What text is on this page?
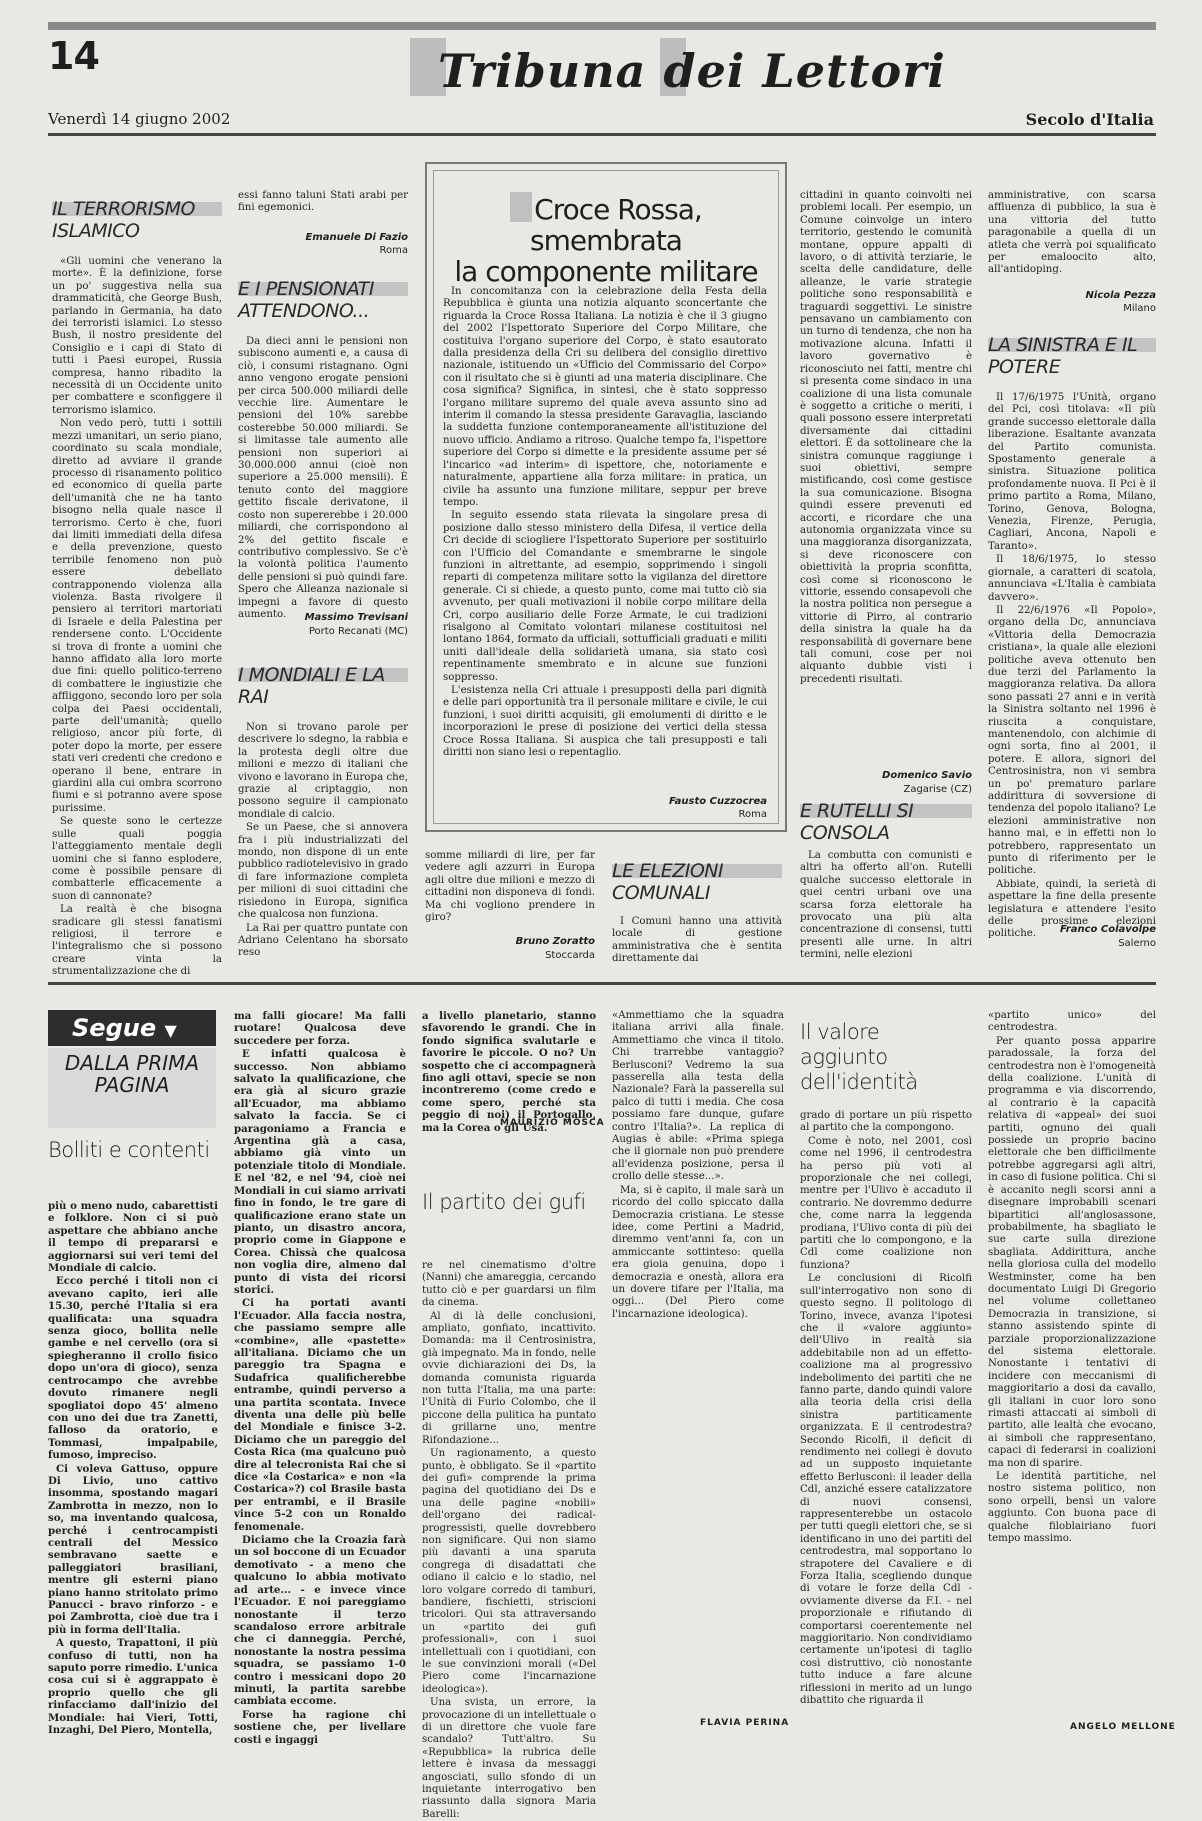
14	Tribuna dei Lettori
Venerdì 14 giugno 2002	Secolo d'Italia
IL TERRORISMO ISLAMICO

«Gli uomini che venerano la morte». È la definizione, forse un po' suggestiva nella sua drammaticità, che George Bush, parlando in Germania, ha dato dei terroristi islamici. Lo stesso Bush, il nostro presidente del Consiglio e i capi di Stato di tutti i Paesi europei, Russia compresa, hanno ribadito la necessità di un Occidente unito per combattere e sconfiggere il terrorismo islamico.

Non vedo però, tutti i sottili mezzi umanitari, un serio piano, coordinato su scala mondiale, diretto ad avviare il grande processo di risanamento politico ed economico di quella parte dell'umanità che ne ha tanto bisogno nella quale nasce il terrorismo. Certo è che, fuori dai limiti immediati della difesa e della prevenzione, questo terribile fenomeno non può essere debellato contrapponendo violenza alla violenza. Basta rivolgere il pensiero ai territori martoriati di Israele e della Palestina per rendersene conto. L'Occidente si trova di fronte a uomini che hanno affidato alla loro morte due fini: quello politico-terreno di combattere le ingiustizie che affliggono, secondo loro per sola colpa dei Paesi occidentali, parte dell'umanità; quello religioso, ancor più forte, di poter dopo la morte, per essere stati veri credenti che credono e operano il bene, entrare in giardini alla cui ombra scorrono fiumi e si potranno avere spose purissime.

Se queste sono le certezze sulle quali poggia l'atteggiamento mentale degli uomini che si fanno esplodere, come è possibile pensare di combatterle efficacemente a suon di cannonate?

La realtà è che bisogna sradicare gli stessi fanatismi religiosi, il terrore e l'integralismo che si possono creare vinta la strumentalizzazione che di

essi fanno taluni Stati arabi per fini egemonici.

Emanuele Di Fazio
Roma
E I PENSIONATI ATTENDONO...

Da dieci anni le pensioni non subiscono aumenti e, a causa di ciò, i consumi ristagnano. Ogni anno vengono erogate pensioni per circa 500.000 miliardi delle vecchie lire. Aumentare le pensioni del 10% sarebbe costerebbe 50.000 miliardi. Se si limitasse tale aumento alle pensioni non superiori ai 30.000.000 annui (cioè non superiore a 25.000 mensili). È tenuto conto del maggiore gettito fiscale derivatone, il costo non supererebbe i 20.000 miliardi, che corrispondono al 2% del gettito fiscale e contributivo complessivo. Se c'è la volontà politica l'aumento delle pensioni si può quindi fare. Spero che Alleanza nazionale si impegni a favore di questo aumento.	Massimo Trevisani
Porto Recanati (MC)
I MONDIALI E LA RAI

Non si trovano parole per descrivere lo sdegno, la rabbia e la protesta degli oltre due milioni e mezzo di italiani che vivono e lavorano in Europa che, grazie al criptaggio, non possono seguire il campionato mondiale di calcio.

Se un Paese, che si annovera fra i più industrializzati del mondo, non dispone di un ente pubblico radiotelevisivo in grado di fare informazione completa per milioni di suoi cittadini che risiedono in Europa, significa che qualcosa non funziona.

La Rai per quattro puntate con Adriano Celentano ha sborsato reso

Croce Rossa, smembrata
la componente militare

In concomitanza con la celebrazione della Festa della Repubblica è giunta una notizia alquanto sconcertante che riguarda la Croce Rossa Italiana. La notizia è che il 3 giugno del 2002 l'Ispettorato Superiore del Corpo Militare, che costituiva l'organo superiore del Corpo, è stato esautorato dalla presidenza della Cri su delibera del consiglio direttivo nazionale, istituendo un «Ufficio del Commissario del Corpo» con il risultato che si è giunti ad una materia disciplinare. Che cosa significa? Significa, in sintesi, che è stato soppresso l'organo militare supremo del quale aveva assunto sino ad interim il comando la stessa presidente Garavaglia, lasciando la suddetta funzione contemporaneamente all'istituzione del nuovo ufficio. Andiamo a ritroso. Qualche tempo fa, l'ispettore superiore del Corpo si dimette e la presidente assume per sé l'incarico «ad interim» di ispettore, che, notoriamente e naturalmente, appartiene alla forza militare: in pratica, un civile ha assunto una funzione militare, seppur per breve tempo.

In seguito essendo stata rilevata la singolare presa di posizione dallo stesso ministero della Difesa, il vertice della Cri decide di sciogliere l'Ispettorato Superiore per sostituirlo con l'Ufficio del Comandante e smembrarne le singole funzioni in altrettante, ad esempio, sopprimendo i singoli reparti di competenza militare sotto la vigilanza del direttore generale. Ci si chiede, a questo punto, come mai tutto ciò sia avvenuto, per quali motivazioni il nobile corpo militare della Cri, corpo ausiliario delle Forze Armate, le cui tradizioni risalgono al Comitato volontari milanese costituitosi nel lontano 1864, formato da ufficiali, sottufficiali graduati e militi uniti dall'ideale della solidarietà umana, sia stato così repentinamente smembrato e in alcune sue funzioni soppresso.

L'esistenza nella Cri attuale i presupposti della pari dignità e delle pari opportunità tra il personale militare e civile, le cui funzioni, i suoi diritti acquisiti, gli emolumenti di diritto e le incorporazioni le prese di posizione dei vertici della stessa Croce Rossa Italiana. Si auspica che tali presupposti e tali diritti non siano lesi o repentaglio.

Fausto Cuzzocrea
Roma

somme miliardi di lire, per far vedere agli azzurri in Europa agli oltre due milioni e mezzo di cittadini non disponeva di fondi. Ma chi vogliono prendere in giro?

Bruno Zoratto
Stoccarda
LE ELEZIONI COMUNALI

I Comuni hanno una attività locale di gestione amministrativa che è sentita direttamente dai

cittadini in quanto coinvolti nei problemi locali. Per esempio, un Comune coinvolge un intero territorio, gestendo le comunità montane, oppure appalti di lavoro, o di attività terziarie, le scelta delle candidature, delle alleanze, le varie strategie politiche sono responsabilità e traguardi soggettivi. Le sinistre pensavano un cambiamento con un turno di tendenza, che non ha motivazione alcuna. Infatti il lavoro governativo è riconosciuto nei fatti, mentre chi si presenta come sindaco in una coalizione di una lista comunale è soggetto a critiche o meriti, i quali possono essere interpretati diversamente dai cittadini elettori. È da sottolineare che la sinistra comunque raggiunge i suoi obiettivi, sempre mistificando, così come gestisce la sua comunicazione. Bisogna quindi essere prevenuti ed accorti, e ricordare che una autonomia organizzata vince su una maggioranza disorganizzata, si deve riconoscere con obiettività la propria sconfitta, così come si riconoscono le vittorie, essendo consapevoli che la nostra politica non persegue a vittorie di Pirro, al contrario della sinistra la quale ha da responsabilità di governare bene tali comuni, cose per noi alquanto dubbie visti i precedenti risultati.

Domenico Savio
Zagarise (CZ)
E RUTELLI SI CONSOLA

La combutta con comunisti e altri ha offerto all'on. Rutelli qualche successo elettorale in quei centri urbani ove una scarsa forza elettorale ha provocato una più alta concentrazione di consensi, tutti presenti alle urne. In altri termini, nelle elezioni

amministrative, con scarsa affluenza di pubblico, la sua è una vittoria del tutto paragonabile a quella di un atleta che verrà poi squalificato per emaloocito alto, all'antidoping.

Nicola Pezza
Milano
LA SINISTRA E IL POTERE

Il 17/6/1975 l'Unità, organo del Pci, così titolava: «Il più grande successo elettorale dalla liberazione. Esaltante avanzata del Partito comunista. Spostamento generale a sinistra. Situazione politica profondamente nuova. Il Pci è il primo partito a Roma, Milano, Torino, Genova, Bologna, Venezia, Firenze, Perugia, Cagliari, Ancona, Napoli e Taranto».

Il 18/6/1975, lo stesso giornale, a caratteri di scatola, annunciava «L'Italia è cambiata davvero».

Il 22/6/1976 «Il Popolo», organo della Dc, annunciava «Vittoria della Democrazia cristiana», la quale alle elezioni politiche aveva ottenuto ben due terzi del Parlamento la maggioranza relativa. Da allora sono passati 27 anni e in verità la Sinistra soltanto nel 1996 è riuscita a conquistare, mantenendolo, con alchimie di ogni sorta, fino al 2001, il potere. E allora, signori del Centrosinistra, non vi sembra un po' prematuro parlare addirittura di sovversione di tendenza del popolo italiano? Le elezioni amministrative non hanno mai, e in effetti non lo potrebbero, rappresentato un punto di riferimento per le politiche.

Abbiate, quindi, la serietà di aspettare la fine della presente legislatura e attendere l'esito delle prossime elezioni politiche.	Franco Colavolpe
Salerno
Segue ▼
DALLA PRIMA PAGINA
Bolliti e contenti

più o meno nudo, cabarettisti e folklore. Non ci si può aspettare che abbiano anche il tempo di prepararsi e aggiornarsi sui veri temi del Mondiale di calcio.

Ecco perché i titoli non ci avevano capito, ieri alle 15.30, perché l'Italia si era qualificata: una squadra senza gioco, bollita nelle gambe e nel cervello (ora si spiegheranno il crollo fisico dopo un'ora di gioco), senza centrocampo che avrebbe dovuto rimanere negli spogliatoi dopo 45' almeno con uno dei due tra Zanetti, falloso da oratorio, e Tommasi, impalpabile, fumoso, impreciso.

Ci voleva Gattuso, oppure Di Livio, uno cattivo insomma, spostando magari Zambrotta in mezzo, non lo so, ma inventando qualcosa, perché i centrocampisti centrali del Messico sembravano saette e palleggiatori brasiliani, mentre gli esterni piano piano hanno stritolato primo Panucci - bravo rinforzo - e poi Zambrotta, cioè due tra i più in forma dell'Italia.

A questo, Trapattoni, il più confuso di tutti, non ha saputo porre rimedio. L'unica cosa cui si è aggrappato è proprio quello che gli rinfacciamo dall'inizio del Mondiale: hai Vieri, Totti, Inzaghi, Del Piero, Montella,

ma falli giocare! Ma falli ruotare! Qualcosa deve succedere per forza.

E infatti qualcosa è successo. Non abbiamo salvato la qualificazione, che era già al sicuro grazie all'Ecuador, ma abbiamo salvato la faccia. Se ci paragoniamo a Francia e Argentina già a casa, abbiamo già vinto un potenziale titolo di Mondiale. E nel '82, e nel '94, cioè nei Mondiali in cui siamo arrivati fino in fondo, le tre gare di qualificazione erano state un pianto, un disastro ancora, proprio come in Giappone e Corea. Chissà che qualcosa non voglia dire, almeno dal punto di vista dei ricorsi storici.

Ci ha portati avanti l'Ecuador. Alla faccia nostra, che passiamo sempre alle «combine», alle «pastette» all'italiana. Diciamo che un pareggio tra Spagna e Sudafrica qualificherebbe entrambe, quindi perverso a una partita scontata. Invece diventa una delle più belle del Mondiale e finisce 3-2. Diciamo che un pareggio del Costa Rica (ma qualcuno può dire al telecronista Rai che si dice «la Costarica» e non «la Costarica»?) col Brasile basta per entrambi, e il Brasile vince 5-2 con un Ronaldo fenomenale.

Diciamo che la Croazia farà un sol boccone di un Ecuador demotivato - a meno che qualcuno lo abbia motivato ad arte... - e invece vince l'Ecuador. E noi pareggiamo nonostante il terzo scandaloso errore arbitrale che ci danneggia. Perché, nonostante la nostra pessima squadra, se passiamo 1-0 contro i messicani dopo 20 minuti, la partita sarebbe cambiata eccome.

Forse ha ragione chi sostiene che, per livellare costi e ingaggi

a livello planetario, stanno sfavorendo le grandi. Che in fondo significa svalutarle e favorire le piccole. O no? Un sospetto che ci accompagnerà fino agli ottavi, specie se non incontreremo (come credo e come spero, perché sta peggio di noi) il Portogallo, ma la Corea o gli Usa.

MAURIZIO MOSCA
Il partito dei gufi

re nel cinematismo d'oltre (Nanni) che amareggia, cercando tutto ciò e per guardarsi un film da cinema.

Al di là delle conclusioni, ampliato, gonfiato, incattivito. Domanda: ma il Centrosinistra, già impegnato. Ma in fondo, nelle ovvie dichiarazioni dei Ds, la domanda comunista riguarda non tutta l'Italia, ma una parte: l'Unità di Furio Colombo, che il piccone della pulitica ha puntato di grillarne uno, mentre Rifondazione...

Un ragionamento, a questo punto, è obbligato. Se il «partito dei gufi» comprende la prima pagina del quotidiano dei Ds e una delle pagine «nobili» dell'organo dei radical-progressisti, quelle dovrebbero non significare. Qui non siamo più davanti a una sparuta congrega di disadattati che odiano il calcio e lo stadio, nel loro volgare corredo di tamburi, bandiere, fischietti, striscioni tricolori. Qui sta attraversando un «partito dei gufi professionali», con i suoi intellettuali con i quotidiani, con le sue convinzioni morali («Del Piero come l'incarnazione ideologica»).

Una svista, un errore, la provocazione di un intellettuale o di un direttore che vuole fare scandalo? Tutt'altro. Su «Repubblica» la rubrica delle lettere è invasa da messaggi angosciati, sullo sfondo di un inquietante interrogativo ben riassunto dalla signora Maria Barelli:

«Ammettiamo che la squadra italiana arrivi alla finale. Ammettiamo che vinca il titolo. Chi trarrebbe vantaggio? Berlusconi? Vedremo la sua passerella alla testa della Nazionale? Farà la passerella sul palco di tutti i media. Che cosa possiamo fare dunque, gufare contro l'Italia?». La replica di Augias è abile: «Prima spiega che il giornale non può prendere all'evidenza posizione, persa il crollo delle stesse...».

Ma, si è capito, il male sarà un ricordo del collo spiccato dalla Democrazia cristiana. Le stesse idee, come Pertini a Madrid, diremmo vent'anni fa, con un ammiccante sottinteso: quella era gioia genuina, dopo i democrazia e onestà, allora era un dovere tifare per l'Italia, ma oggi... (Del Piero come l'incarnazione ideologica).

FLAVIA PERINA
Il valore aggiunto dell'identità

grado di portare un più rispetto al partito che la compongono.

Come è noto, nel 2001, così come nel 1996, il centrodestra ha perso più voti al proporzionale che nei collegi, mentre per l'Ulivo è accaduto il contrario. Ne dovremmo dedurre che, come narra la leggenda prodiana, l'Ulivo conta di più dei partiti che lo compongono, e la Cdl come coalizione non funziona?

Le conclusioni di Ricolfi sull'interrogativo non sono di questo segno. Il politologo di Torino, invece, avanza l'ipotesi che il «valore aggiunto» dell'Ulivo in realtà sia addebitabile non ad un effetto-coalizione ma al progressivo indebolimento dei partiti che ne fanno parte, dando quindi valore alla teoria della crisi della sinistra partiticamente organizzata. E il centrodestra? Secondo Ricolfi, il deficit di rendimento nei collegi è dovuto ad un supposto inquietante effetto Berlusconi: il leader della Cdl, anziché essere catalizzatore di nuovi consensi, rappresenterebbe un ostacolo per tutti quegli elettori che, se si identificano in uno dei partiti del centrodestra, mal sopportano lo strapotere del Cavaliere e di Forza Italia, scegliendo dunque di votare le forze della Cdl - ovviamente diverse da F.I. - nel proporzionale e rifiutando di comportarsi coerentemente nel maggioritario. Non condividiamo certamente un'ipotesi di taglio così distruttivo, ciò nonostante tutto induce a fare alcune riflessioni in merito ad un lungo dibattito che riguarda il

«partito unico» del centrodestra.

Per quanto possa apparire paradossale, la forza del centrodestra non è l'omogeneità della coalizione. L'unità di programma e via discorrendo, al contrario è la capacità relativa di «appeal» dei suoi partiti, ognuno dei quali possiede un proprio bacino elettorale che ben difficilmente potrebbe aggregarsi agli altri, in caso di fusione politica. Chi si è accanito negli scorsi anni a disegnare improbabili scenari bipartitici all'anglosassone, probabilmente, ha sbagliato le sue carte sulla direzione sbagliata. Addirittura, anche nella gloriosa culla del modello Westminster, come ha ben documentato Luigi Di Gregorio nel volume collettaneo Democrazia in transizione, si stanno assistendo spinte di parziale proporzionalizzazione del sistema elettorale. Nonostante i tentativi di incidere con meccanismi di maggioritario a dosi da cavallo, gli italiani in cuor loro sono rimasti attaccati ai simboli di partito, alle lealtà che evocano, ai simboli che rappresentano, capaci di federarsi in coalizioni ma non di sparire.

Le identità partitiche, nel nostro sistema politico, non sono orpelli, bensì un valore aggiunto. Con buona pace di qualche filoblairiano fuori tempo massimo.

ANGELO MELLONE
